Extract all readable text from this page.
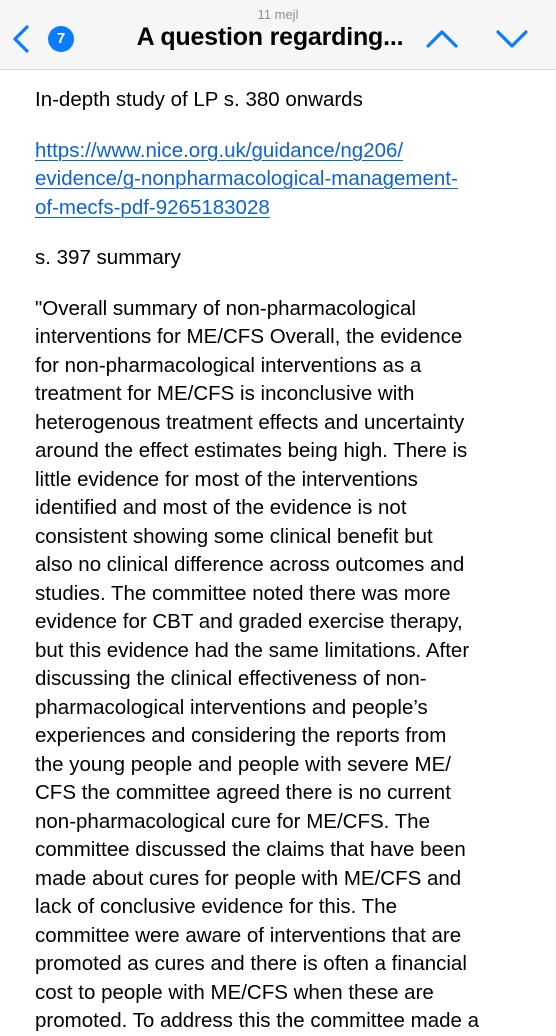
11 mejl
7	A question regarding...

In-depth study of LP s. 380 onwards

https://www.nice.org.uk/guidance/ng206/
evidence/g-nonpharmacological-management-
of-mecfs-pdf-9265183028

s. 397 summary

"Overall summary of non-pharmacological
interventions for ME/CFS Overall, the evidence
for non-pharmacological interventions as a
treatment for ME/CFS is inconclusive with
heterogenous treatment effects and uncertainty
around the effect estimates being high. There is
little evidence for most of the interventions
identified and most of the evidence is not
consistent showing some clinical benefit but
also no clinical difference across outcomes and
studies. The committee noted there was more
evidence for CBT and graded exercise therapy,
but this evidence had the same limitations. After
discussing the clinical effectiveness of non-
pharmacological interventions and people’s
experiences and considering the reports from
the young people and people with severe ME/
CFS the committee agreed there is no current
non-pharmacological cure for ME/CFS. The
committee discussed the claims that have been
made about cures for people with ME/CFS and
lack of conclusive evidence for this. The
committee were aware of interventions that are
promoted as cures and there is often a financial
cost to people with ME/CFS when these are
promoted. To address this the committee made a
